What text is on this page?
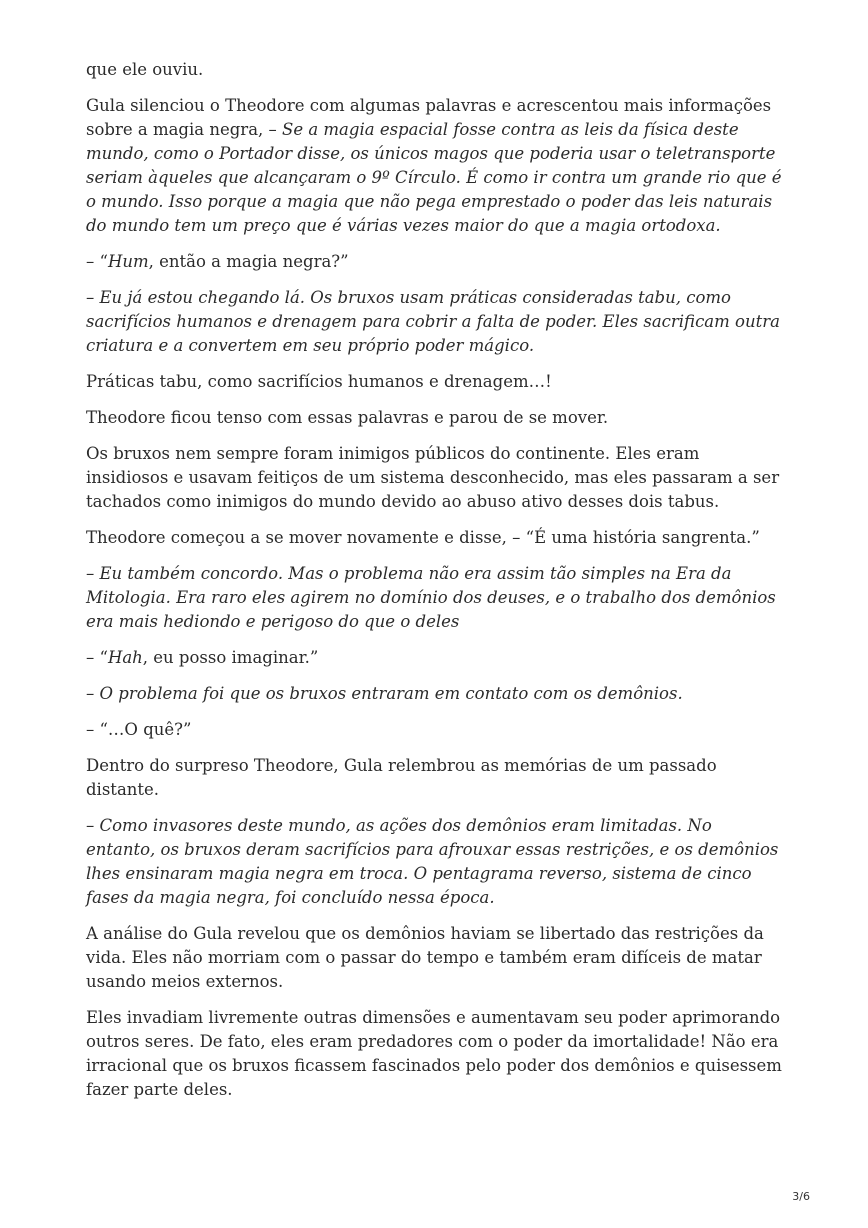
que ele ouviu.

Gula silenciou o Theodore com algumas palavras e acrescentou mais informações sobre a magia negra, – Se a magia espacial fosse contra as leis da física deste mundo, como o Portador disse, os únicos magos que poderia usar o teletransporte seriam àqueles que alcançaram o 9º Círculo. É como ir contra um grande rio que é o mundo. Isso porque a magia que não pega emprestado o poder das leis naturais do mundo tem um preço que é várias vezes maior do que a magia ortodoxa.

– “Hum, então a magia negra?”

– Eu já estou chegando lá. Os bruxos usam práticas consideradas tabu, como sacrifícios humanos e drenagem para cobrir a falta de poder. Eles sacrificam outra criatura e a convertem em seu próprio poder mágico.

Práticas tabu, como sacrifícios humanos e drenagem…!

Theodore ficou tenso com essas palavras e parou de se mover.

Os bruxos nem sempre foram inimigos públicos do continente. Eles eram insidiosos e usavam feitiços de um sistema desconhecido, mas eles passaram a ser tachados como inimigos do mundo devido ao abuso ativo desses dois tabus.

Theodore começou a se mover novamente e disse, – “É uma história sangrenta.”

– Eu também concordo. Mas o problema não era assim tão simples na Era da Mitologia. Era raro eles agirem no domínio dos deuses, e o trabalho dos demônios era mais hediondo e perigoso do que o deles

– “Hah, eu posso imaginar.”

– O problema foi que os bruxos entraram em contato com os demônios.

– “…O quê?”

Dentro do surpreso Theodore, Gula relembrou as memórias de um passado distante.

– Como invasores deste mundo, as ações dos demônios eram limitadas. No entanto, os bruxos deram sacrifícios para afrouxar essas restrições, e os demônios lhes ensinaram magia negra em troca. O pentagrama reverso, sistema de cinco fases da magia negra, foi concluído nessa época.

A análise do Gula revelou que os demônios haviam se libertado das restrições da vida. Eles não morriam com o passar do tempo e também eram difíceis de matar usando meios externos.

Eles invadiam livremente outras dimensões e aumentavam seu poder aprimorando outros seres. De fato, eles eram predadores com o poder da imortalidade! Não era irracional que os bruxos ficassem fascinados pelo poder dos demônios e quisessem fazer parte deles.

3/6
